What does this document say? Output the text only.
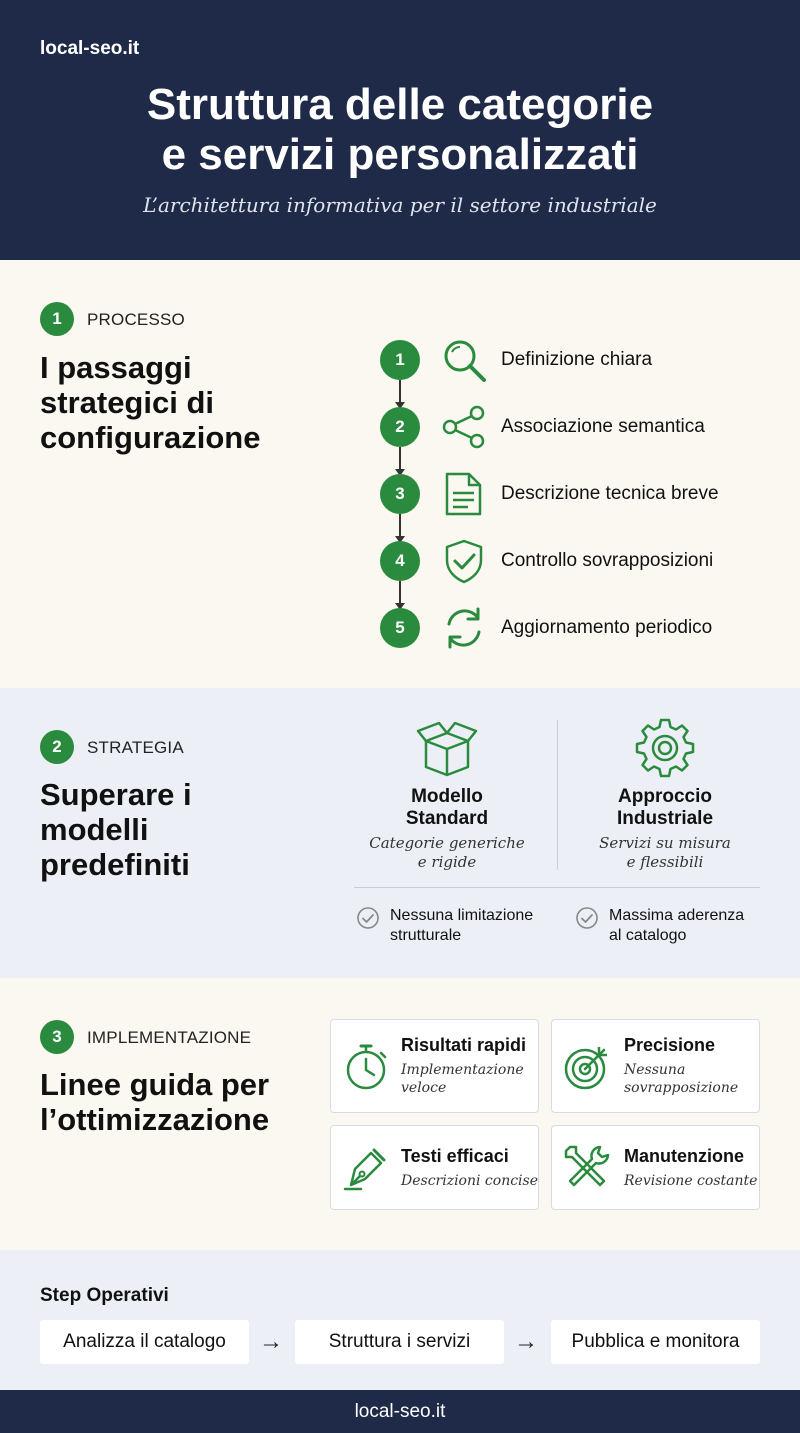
local-seo.it
Struttura delle categorie
e servizi personalizzati
L’architettura informativa per il settore industriale
1	PROCESSO
I passaggi
strategici di
configurazione
1	Definizione chiara
2	Associazione semantica
3	Descrizione tecnica breve
4	Controllo sovrapposizioni
5	Aggiornamento periodico
2	STRATEGIA
Superare i
modelli
predefiniti
Modello
Standard
Categorie generiche
e rigide
Approccio
Industriale
Servizi su misura
e flessibili
Nessuna limitazione
strutturale
Massima aderenza
al catalogo
3	IMPLEMENTAZIONE
Linee guida per
l’ottimizzazione
Risultati rapidi
Implementazione
veloce
Precisione
Nessuna
sovrapposizione
Testi efficaci
Descrizioni concise
Manutenzione
Revisione costante
Step Operativi
Analizza il catalogo	→	Struttura i servizi	→	Pubblica e monitora
local-seo.it
